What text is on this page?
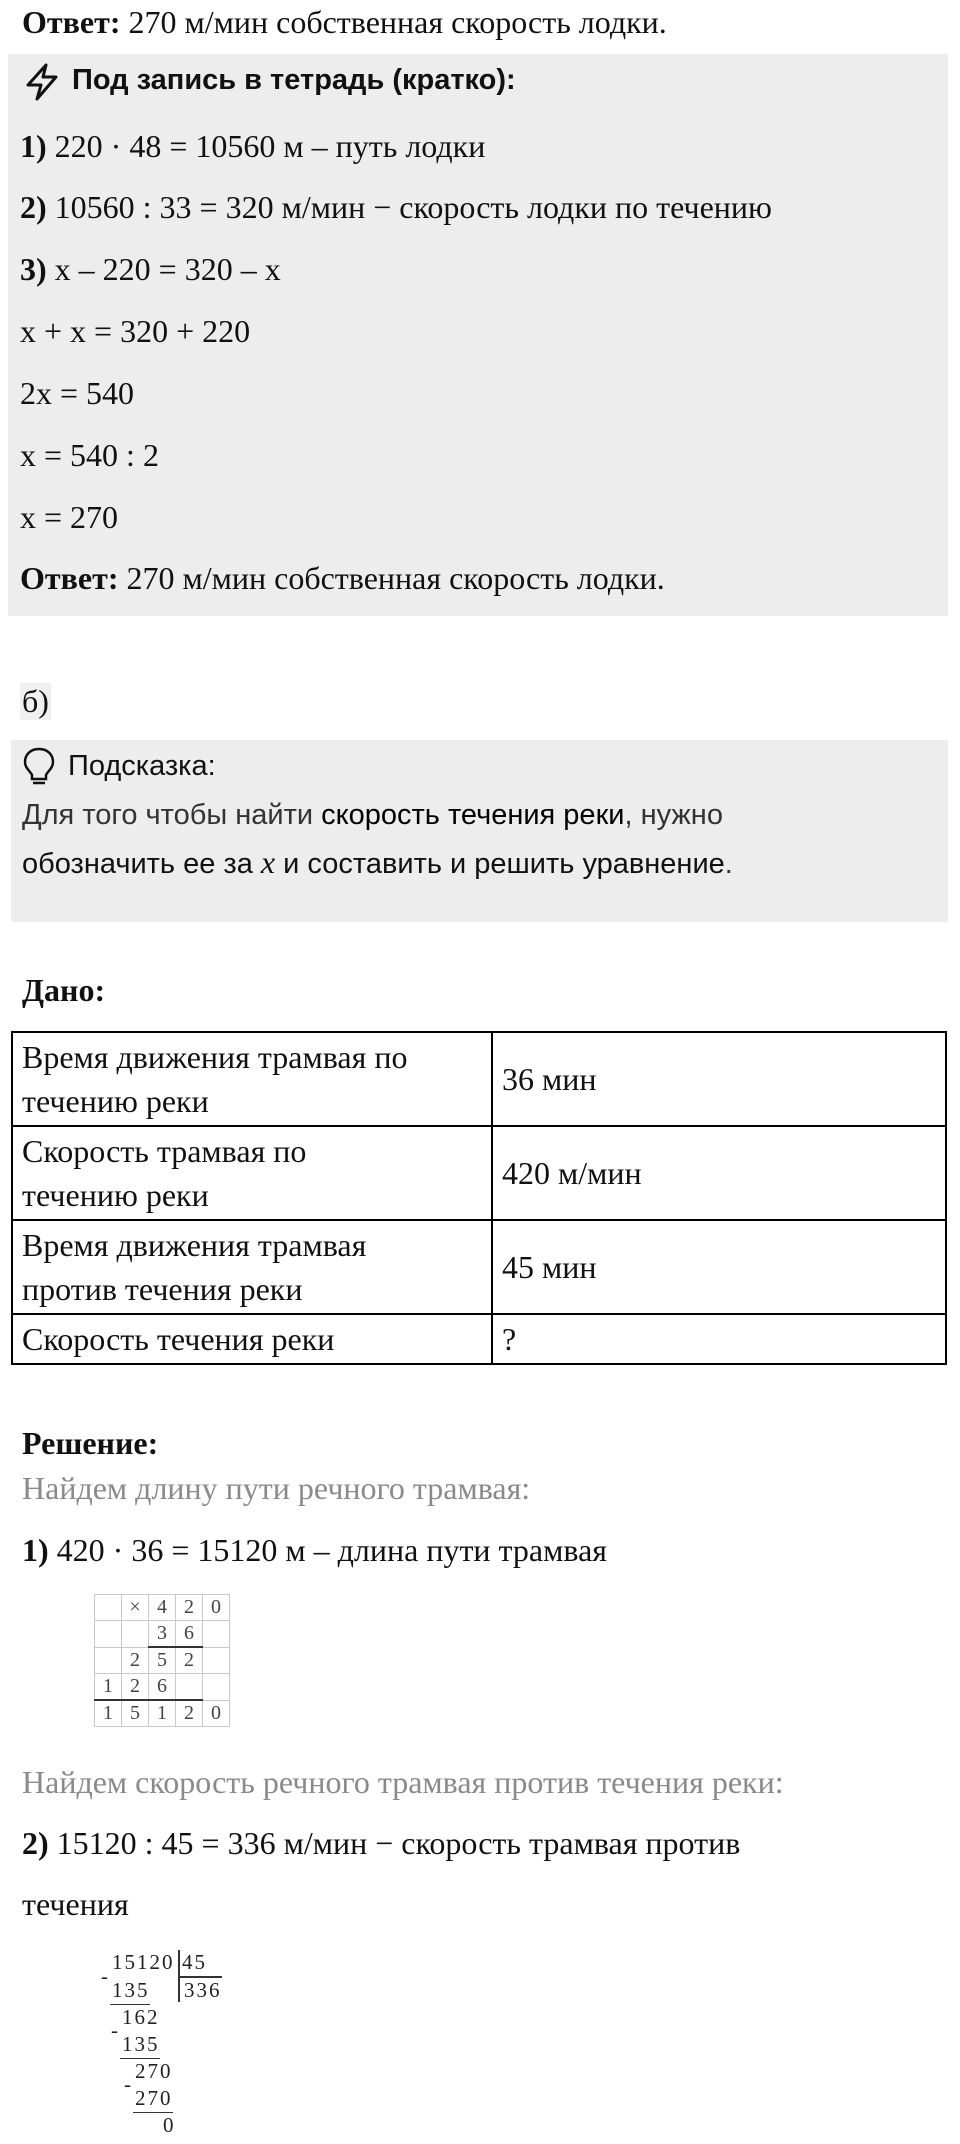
Ответ: 270 м/мин собственная скорость лодки.
Под запись в тетрадь (кратко):
1) 220 · 48 = 10560 м – путь лодки
2) 10560 : 33 = 320 м/мин − скорость лодки по течению
3) x – 220 = 320 – x
x + x = 320 + 220
2x = 540
x = 540 : 2
x = 270
Ответ: 270 м/мин собственная скорость лодки.
б)
Подсказка:
Для того чтобы найти скорость течения реки, нужно
обозначить ее за x и составить и решить уравнение.
Дано:
Время движения трамвая по
течению реки	36 мин

Скорость трамвая по
течению реки	420 м/мин

Время движения трамвая
против течения реки	45 мин
Скорость течения реки	?
Решение:
Найдем длину пути речного трамвая:
1) 420 · 36 = 15120 м – длина пути трамвая
	×	4	2	0
		3	6	
	2	5	2	
1	2	6		
1	5	1	2	0
Найдем скорость речного трамвая против течения реки:
2) 15120 : 45 = 336 м/мин − скорость трамвая против
течения
15120 45
336
-
135
162
-
135
270
-
270
0
